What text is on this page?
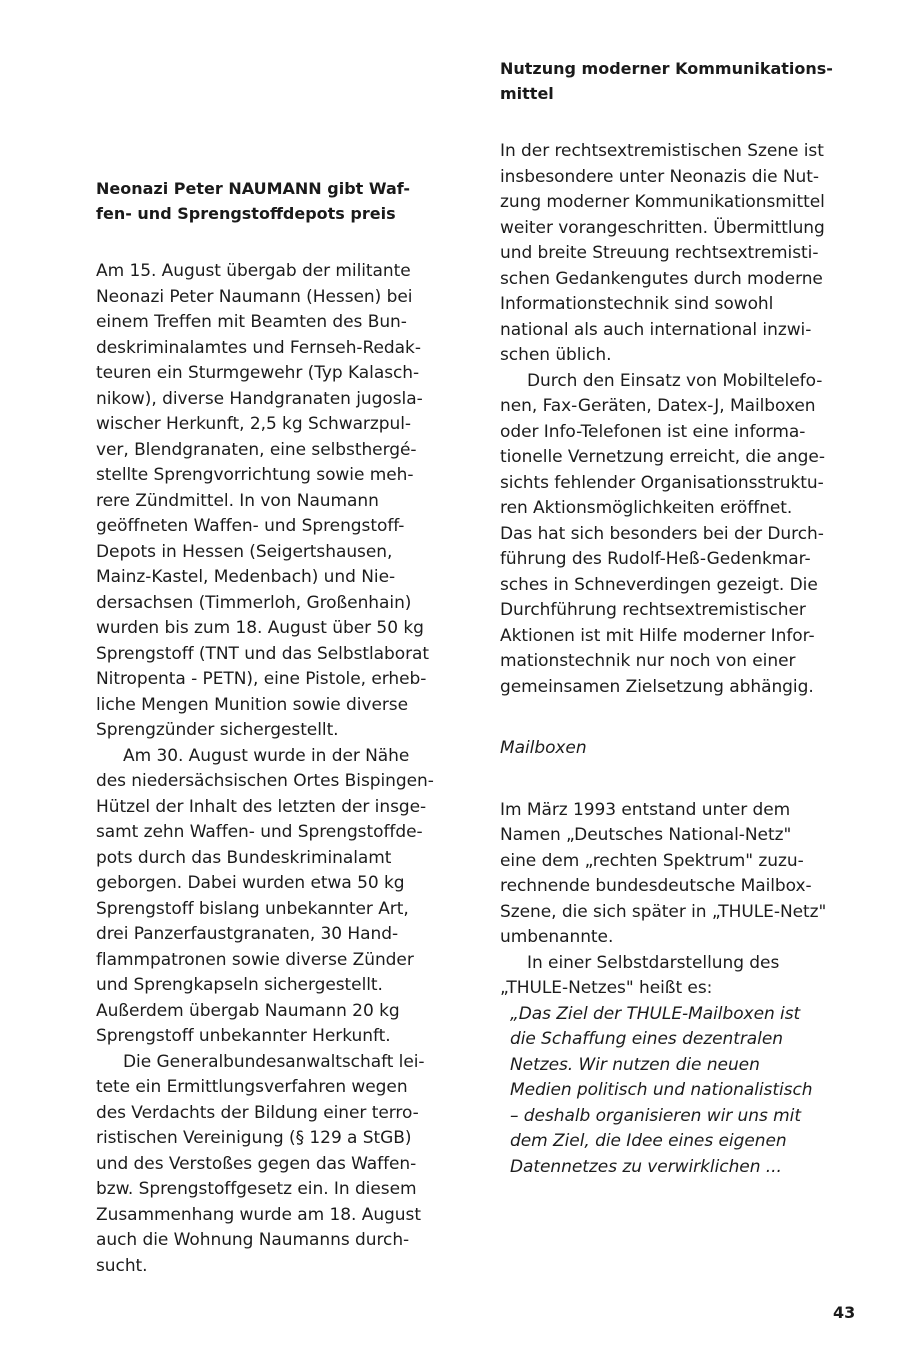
Neonazi Peter NAUMANN gibt Waf-
fen- und Sprengstoffdepots preis
Am 15. August übergab der militante
Neonazi Peter Naumann (Hessen) bei
einem Treffen mit Beamten des Bun-
deskriminalamtes und Fernseh-Redak-
teuren ein Sturmgewehr (Typ Kalasch-
nikow), diverse Handgranaten jugosla-
wischer Herkunft, 2,5 kg Schwarzpul-
ver, Blendgranaten, eine selbsthergé-
stellte Sprengvorrichtung sowie meh-
rere Zündmittel. In von Naumann
geöffneten Waffen- und Sprengstoff-
Depots in Hessen (Seigertshausen,
Mainz-Kastel, Medenbach) und Nie-
dersachsen (Timmerloh, Großenhain)
wurden bis zum 18. August über 50 kg
Sprengstoff (TNT und das Selbstlaborat
Nitropenta - PETN), eine Pistole, erheb-
liche Mengen Munition sowie diverse
Sprengzünder sichergestellt.
Am 30. August wurde in der Nähe
des niedersächsischen Ortes Bispingen-
Hützel der Inhalt des letzten der insge-
samt zehn Waffen- und Sprengstoffde-
pots durch das Bundeskriminalamt
geborgen. Dabei wurden etwa 50 kg
Sprengstoff bislang unbekannter Art,
drei Panzerfaustgranaten, 30 Hand-
flammpatronen sowie diverse Zünder
und Sprengkapseln sichergestellt.
Außerdem übergab Naumann 20 kg
Sprengstoff unbekannter Herkunft.
Die Generalbundesanwaltschaft lei-
tete ein Ermittlungsverfahren wegen
des Verdachts der Bildung einer terro-
ristischen Vereinigung (§ 129 a StGB)
und des Verstoßes gegen das Waffen-
bzw. Sprengstoffgesetz ein. In diesem
Zusammenhang wurde am 18. August
auch die Wohnung Naumanns durch-
sucht.
Nutzung moderner Kommunikations-
mittel
In der rechtsextremistischen Szene ist
insbesondere unter Neonazis die Nut-
zung moderner Kommunikationsmittel
weiter vorangeschritten. Übermittlung
und breite Streuung rechtsextremisti-
schen Gedankengutes durch moderne
Informationstechnik sind sowohl
national als auch international inzwi-
schen üblich.
Durch den Einsatz von Mobiltelefo-
nen, Fax-Geräten, Datex-J, Mailboxen
oder Info-Telefonen ist eine informa-
tionelle Vernetzung erreicht, die ange-
sichts fehlender Organisationsstruktu-
ren Aktionsmöglichkeiten eröffnet.
Das hat sich besonders bei der Durch-
führung des Rudolf-Heß-Gedenkmar-
sches in Schneverdingen gezeigt. Die
Durchführung rechtsextremistischer
Aktionen ist mit Hilfe moderner Infor-
mationstechnik nur noch von einer
gemeinsamen Zielsetzung abhängig.
Mailboxen
Im März 1993 entstand unter dem
Namen „Deutsches National-Netz"
eine dem „rechten Spektrum" zuzu-
rechnende bundesdeutsche Mailbox-
Szene, die sich später in „THULE-Netz"
umbenannte.
In einer Selbstdarstellung des
„THULE-Netzes" heißt es:
„Das Ziel der THULE-Mailboxen ist
die Schaffung eines dezentralen
Netzes. Wir nutzen die neuen
Medien politisch und nationalistisch
– deshalb organisieren wir uns mit
dem Ziel, die Idee eines eigenen
Datennetzes zu verwirklichen ...
43
